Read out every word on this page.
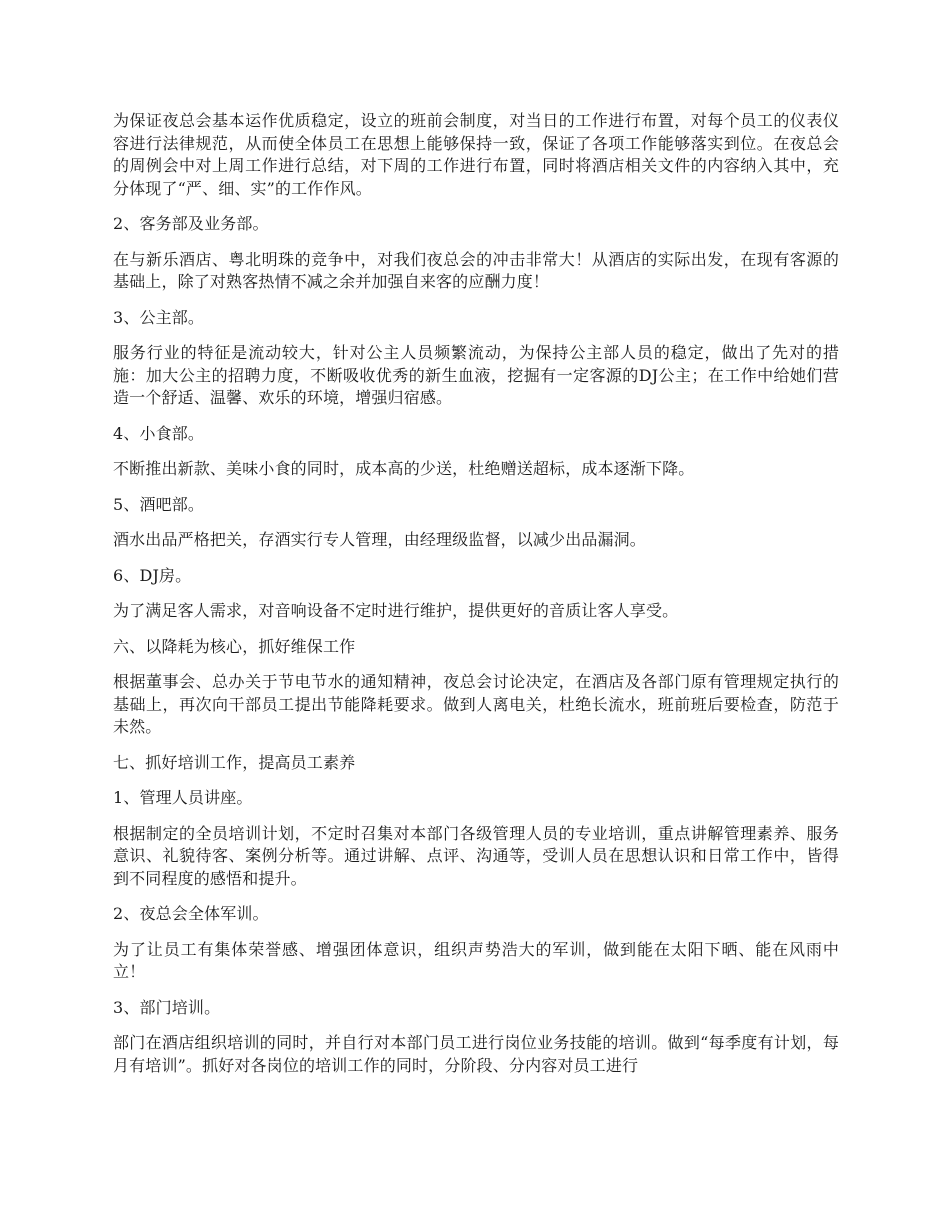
为保证夜总会基本运作优质稳定，设立的班前会制度，对当日的工作进行布置，对每个员工的仪表仪容进行法律规范，从而使全体员工在思想上能够保持一致，保证了各项工作能够落实到位。在夜总会的周例会中对上周工作进行总结，对下周的工作进行布置，同时将酒店相关文件的内容纳入其中，充分体现了“严、细、实”的工作作风。

2、客务部及业务部。

在与新乐酒店、粤北明珠的竞争中，对我们夜总会的冲击非常大！从酒店的实际出发，在现有客源的基础上，除了对熟客热情不减之余并加强自来客的应酬力度！

3、公主部。

服务行业的特征是流动较大，针对公主人员频繁流动，为保持公主部人员的稳定，做出了先对的措施：加大公主的招聘力度，不断吸收优秀的新生血液，挖掘有一定客源的DJ公主；在工作中给她们营造一个舒适、温馨、欢乐的环境，增强归宿感。

4、小食部。

不断推出新款、美味小食的同时，成本高的少送，杜绝赠送超标，成本逐渐下降。

5、酒吧部。

酒水出品严格把关，存酒实行专人管理，由经理级监督，以减少出品漏洞。

6、DJ房。

为了满足客人需求，对音响设备不定时进行维护，提供更好的音质让客人享受。

六、以降耗为核心，抓好维保工作

根据董事会、总办关于节电节水的通知精神，夜总会讨论决定，在酒店及各部门原有管理规定执行的基础上，再次向干部员工提出节能降耗要求。做到人离电关，杜绝长流水，班前班后要检查，防范于未然。

七、抓好培训工作，提高员工素养

1、管理人员讲座。

根据制定的全员培训计划，不定时召集对本部门各级管理人员的专业培训，重点讲解管理素养、服务意识、礼貌待客、案例分析等。通过讲解、点评、沟通等，受训人员在思想认识和日常工作中，皆得到不同程度的感悟和提升。

2、夜总会全体军训。

为了让员工有集体荣誉感、增强团体意识，组织声势浩大的军训，做到能在太阳下晒、能在风雨中立！

3、部门培训。

部门在酒店组织培训的同时，并自行对本部门员工进行岗位业务技能的培训。做到“每季度有计划，每月有培训”。抓好对各岗位的培训工作的同时，分阶段、分内容对员工进行
